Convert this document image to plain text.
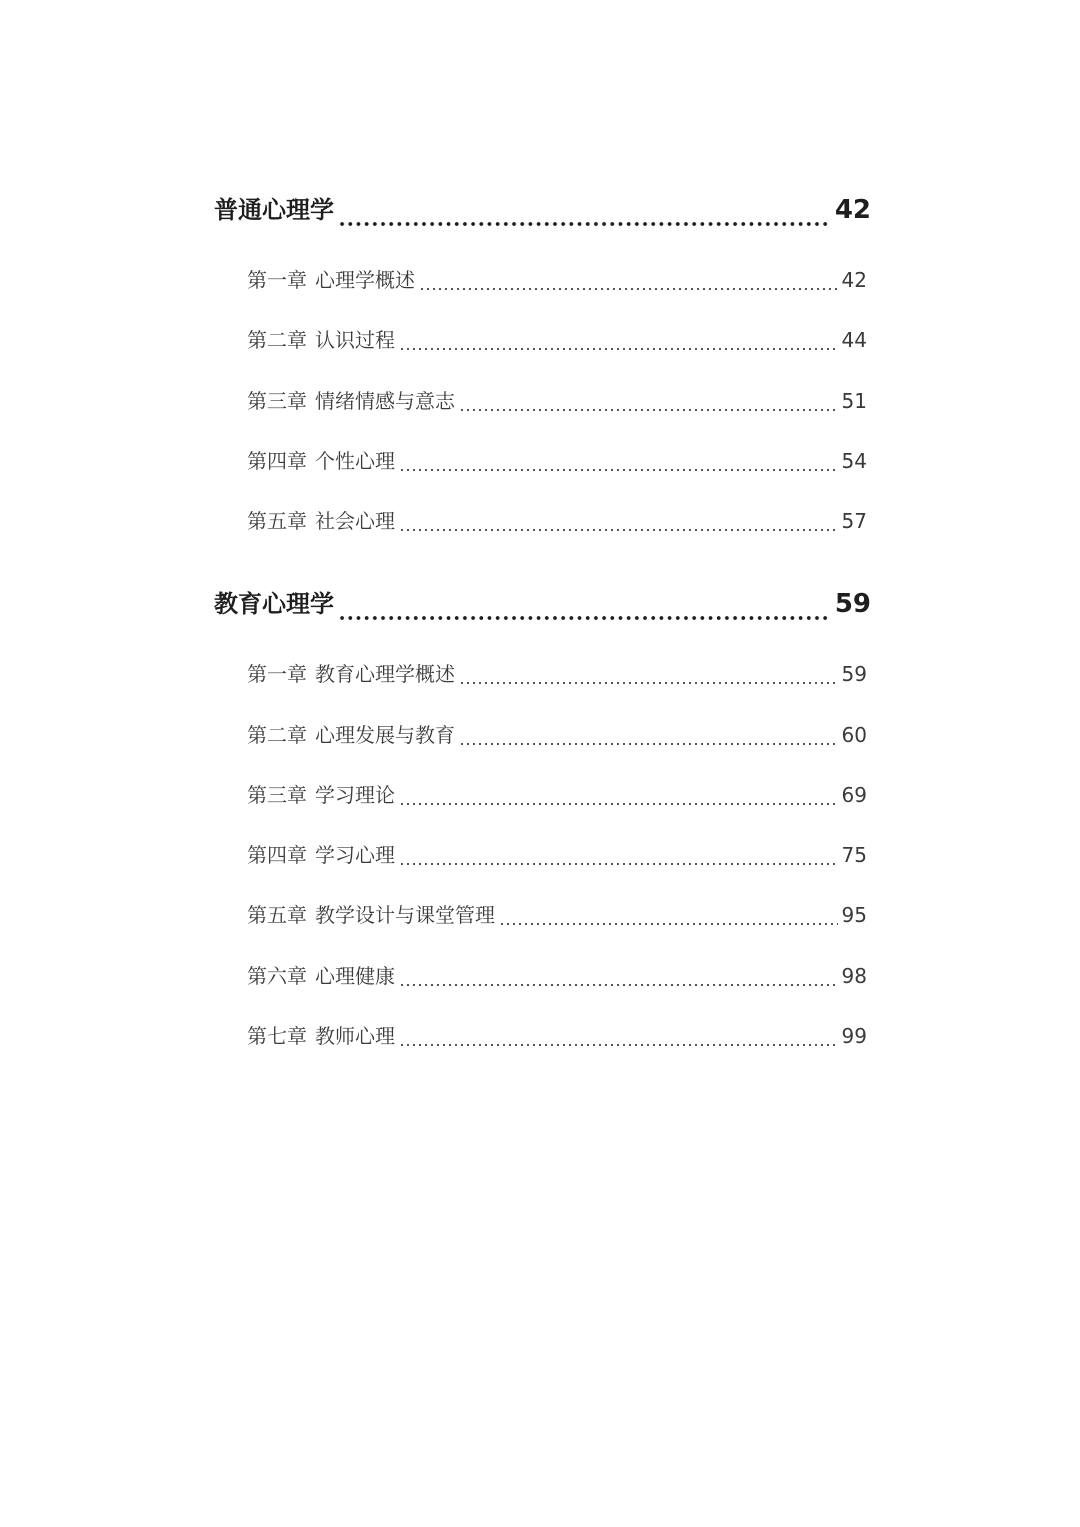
普通心理学	42
第一章 心理学概述	42
第二章 认识过程	44
第三章 情绪情感与意志	51
第四章 个性心理	54
第五章 社会心理	57
教育心理学	59
第一章 教育心理学概述	59
第二章 心理发展与教育	60
第三章 学习理论	69
第四章 学习心理	75
第五章 教学设计与课堂管理	95
第六章 心理健康	98
第七章 教师心理	99
